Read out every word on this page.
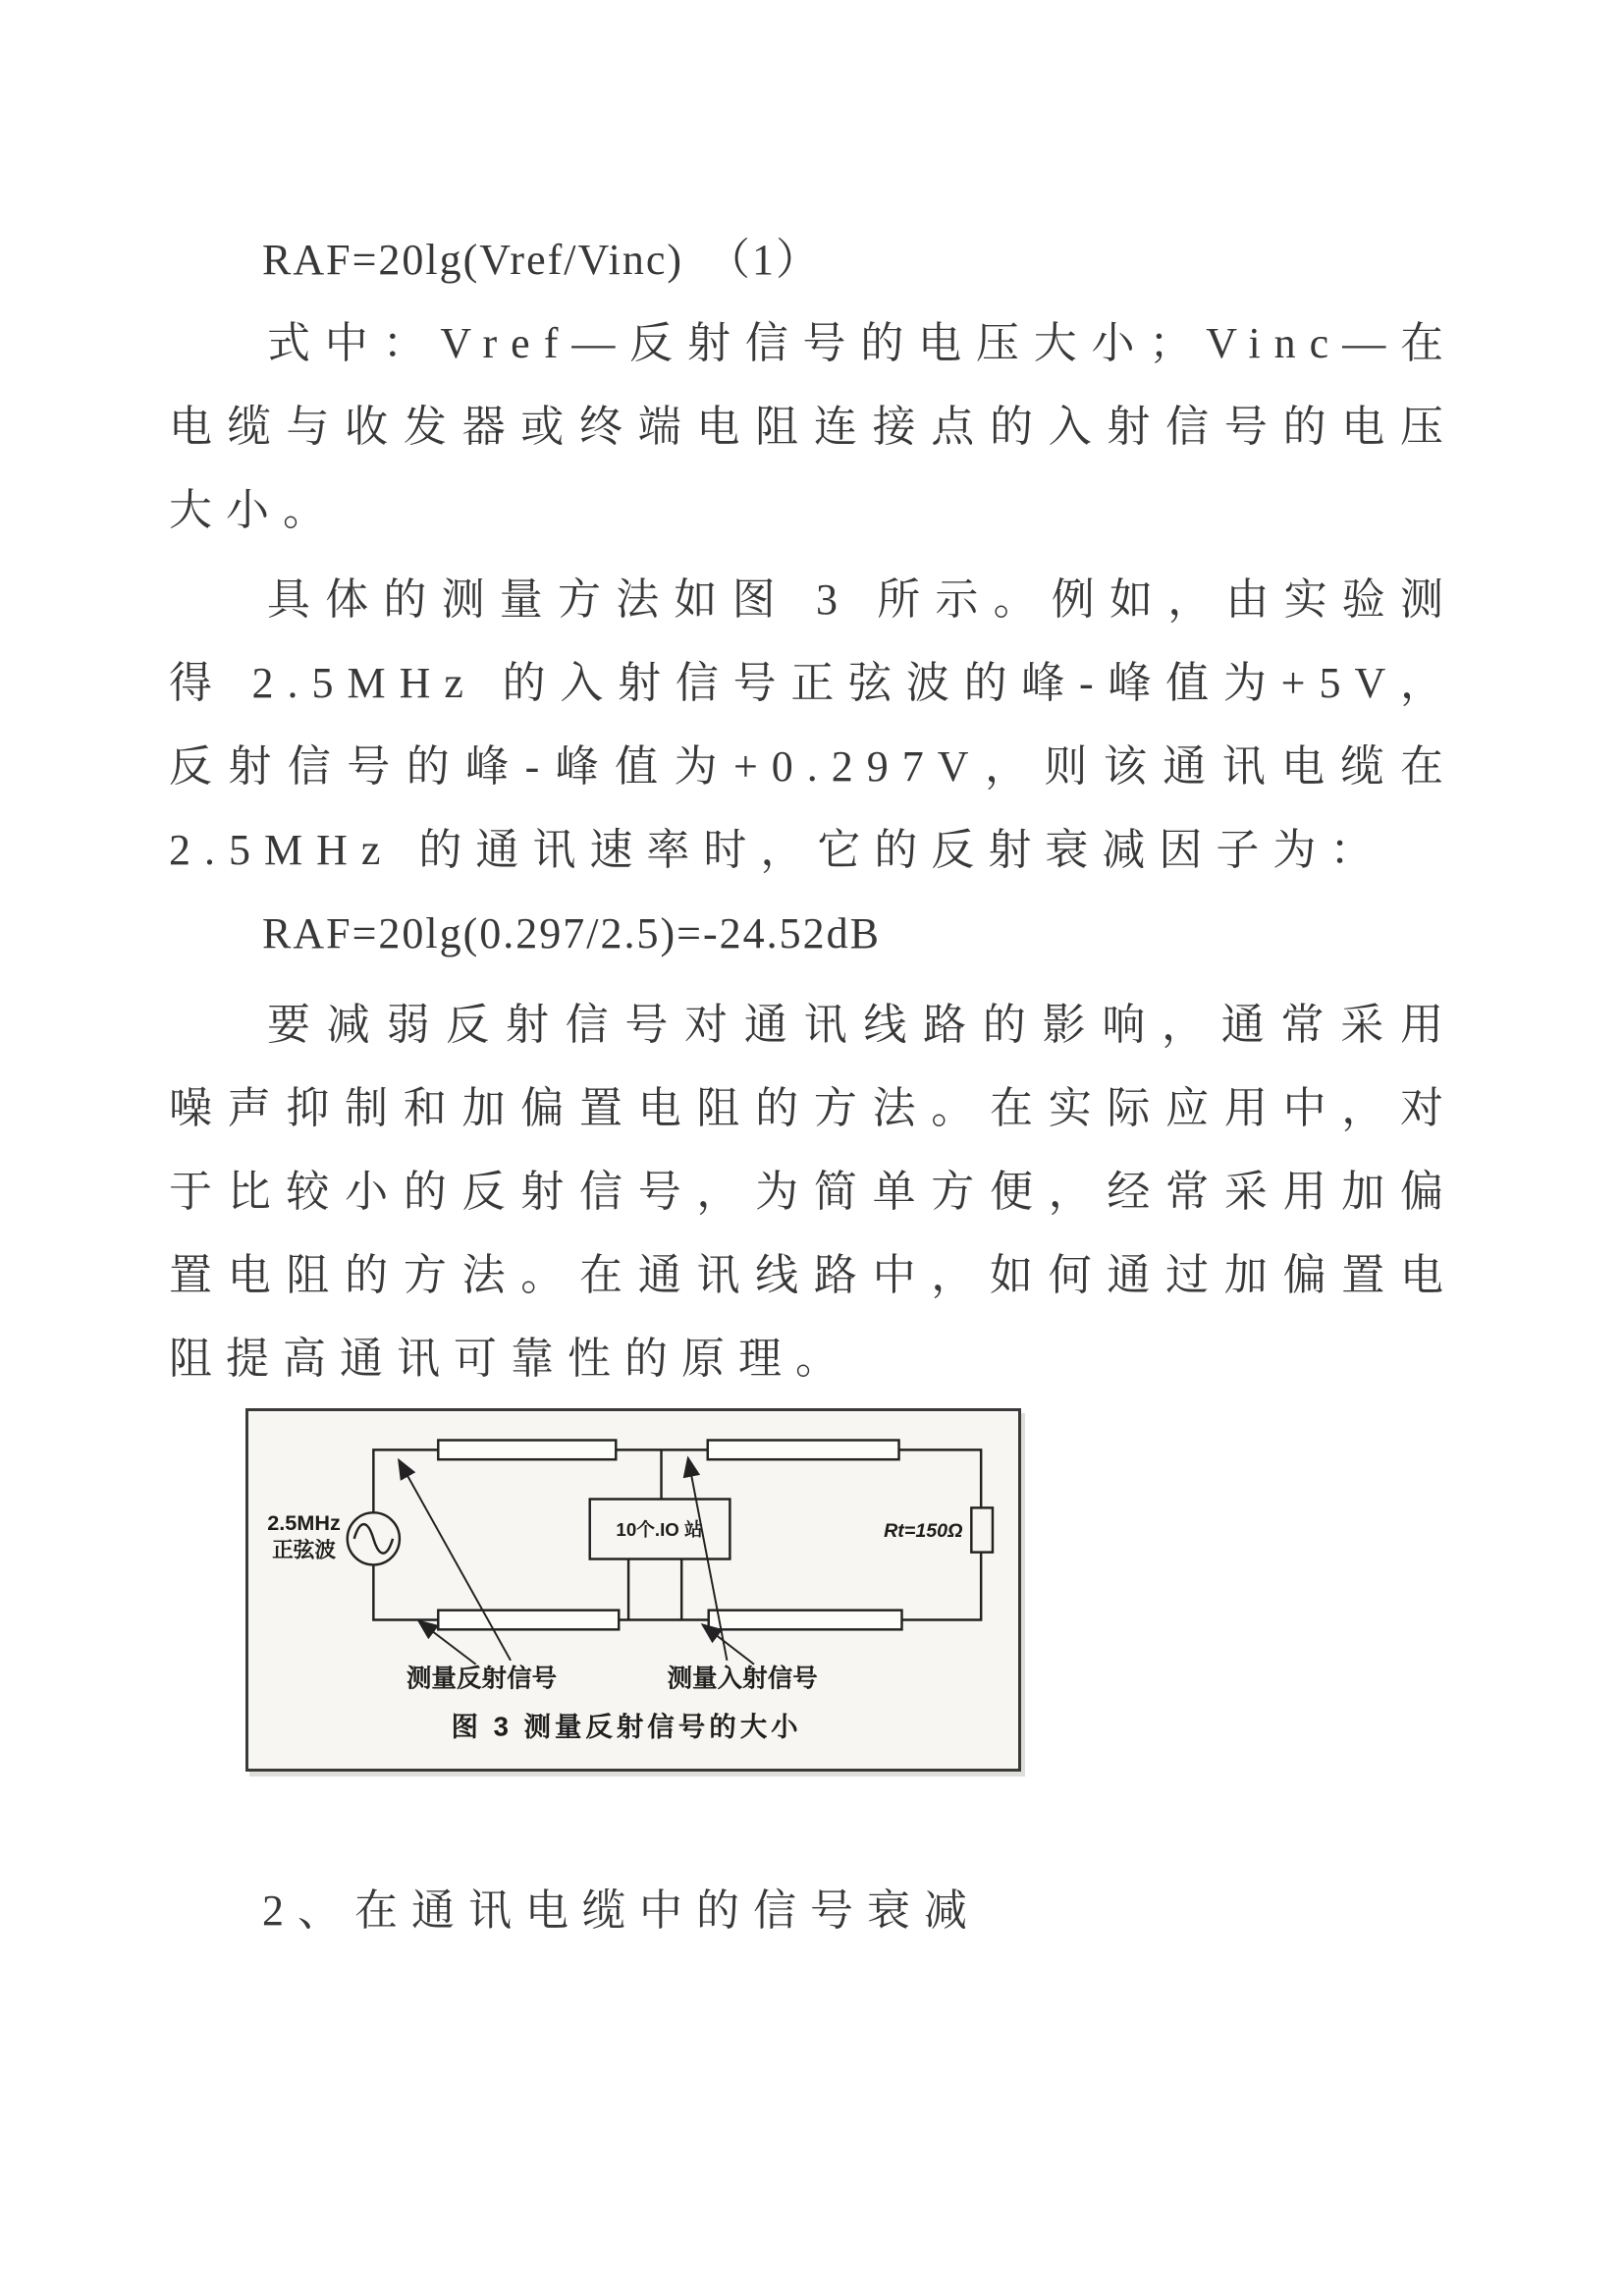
RAF=20lg(Vref/Vinc)　（1）

式中：Vref—反射信号的电压大小；Vinc—在电缆与收发器或终端电阻连接点的入射信号的电压大小。

具体的测量方法如图 3 所示。例如，由实验测得 2.5MHz 的入射信号正弦波的峰-峰值为+5V，反射信号的峰-峰值为+0.297V，则该通讯电缆在 2.5MHz 的通讯速率时，它的反射衰减因子为：

RAF=20lg(0.297/2.5)=-24.52dB

要减弱反射信号对通讯线路的影响，通常采用噪声抑制和加偏置电阻的方法。在实际应用中，对于比较小的反射信号，为简单方便，经常采用加偏置电阻的方法。在通讯线路中，如何通过加偏置电阻提高通讯可靠性的原理。

2.5MHz
正弦波
10个.IO 站	Rt=150Ω
测量反射信号	测量入射信号
图 3 测量反射信号的大小

2、在通讯电缆中的信号衰减
